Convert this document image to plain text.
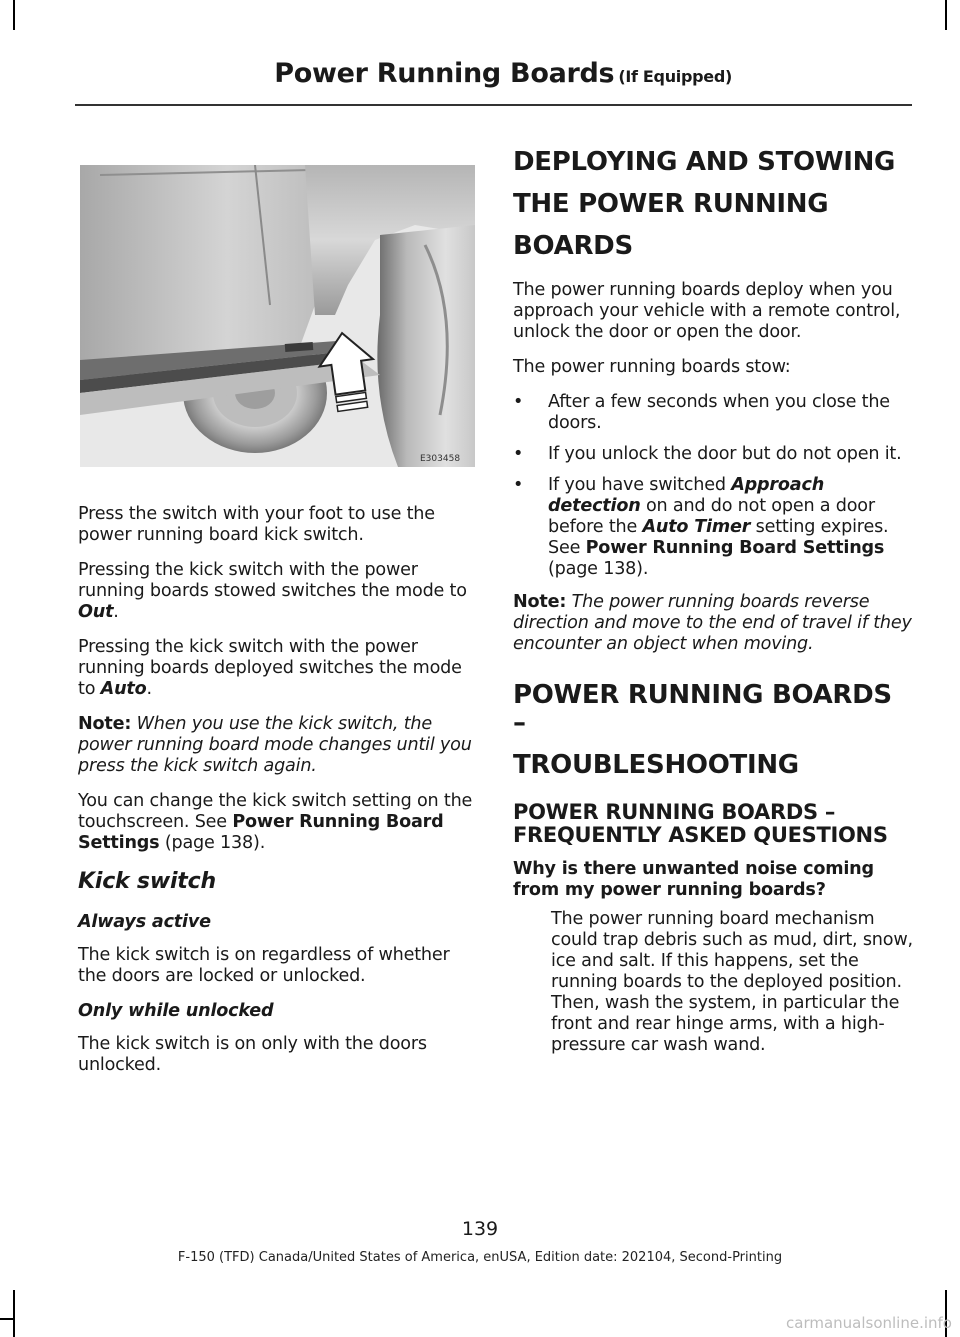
Power Running Boards (If Equipped)
E303458

Press the switch with your foot to use the power running board kick switch.

Pressing the kick switch with the power running boards stowed switches the mode to Out.

Pressing the kick switch with the power running boards deployed switches the mode to Auto.

Note: When you use the kick switch, the power running board mode changes until you press the kick switch again.

You can change the kick switch setting on the touchscreen. See Power Running Board Settings (page 138).

Kick switch
Always active

The kick switch is on regardless of whether the doors are locked or unlocked.

Only while unlocked

The kick switch is on only with the doors unlocked.

DEPLOYING AND STOWING
THE POWER RUNNING
BOARDS

The power running boards deploy when you approach your vehicle with a remote control, unlock the door or open the door.

The power running boards stow:

• After a few seconds when you close the doors.
• If you unlock the door but do not open it.
• If you have switched Approach detection on and do not open a door before the Auto Timer setting expires. See Power Running Board Settings (page 138).

Note: The power running boards reverse direction and move to the end of travel if they encounter an object when moving.

POWER RUNNING BOARDS –
TROUBLESHOOTING
POWER RUNNING BOARDS – FREQUENTLY ASKED QUESTIONS
Why is there unwanted noise coming from my power running boards?

The power running board mechanism could trap debris such as mud, dirt, snow, ice and salt. If this happens, set the running boards to the deployed position. Then, wash the system, in particular the front and rear hinge arms, with a high-pressure car wash wand.

139
F-150 (TFD) Canada/United States of America, enUSA, Edition date: 202104, Second-Printing
carmanualsonline.info
